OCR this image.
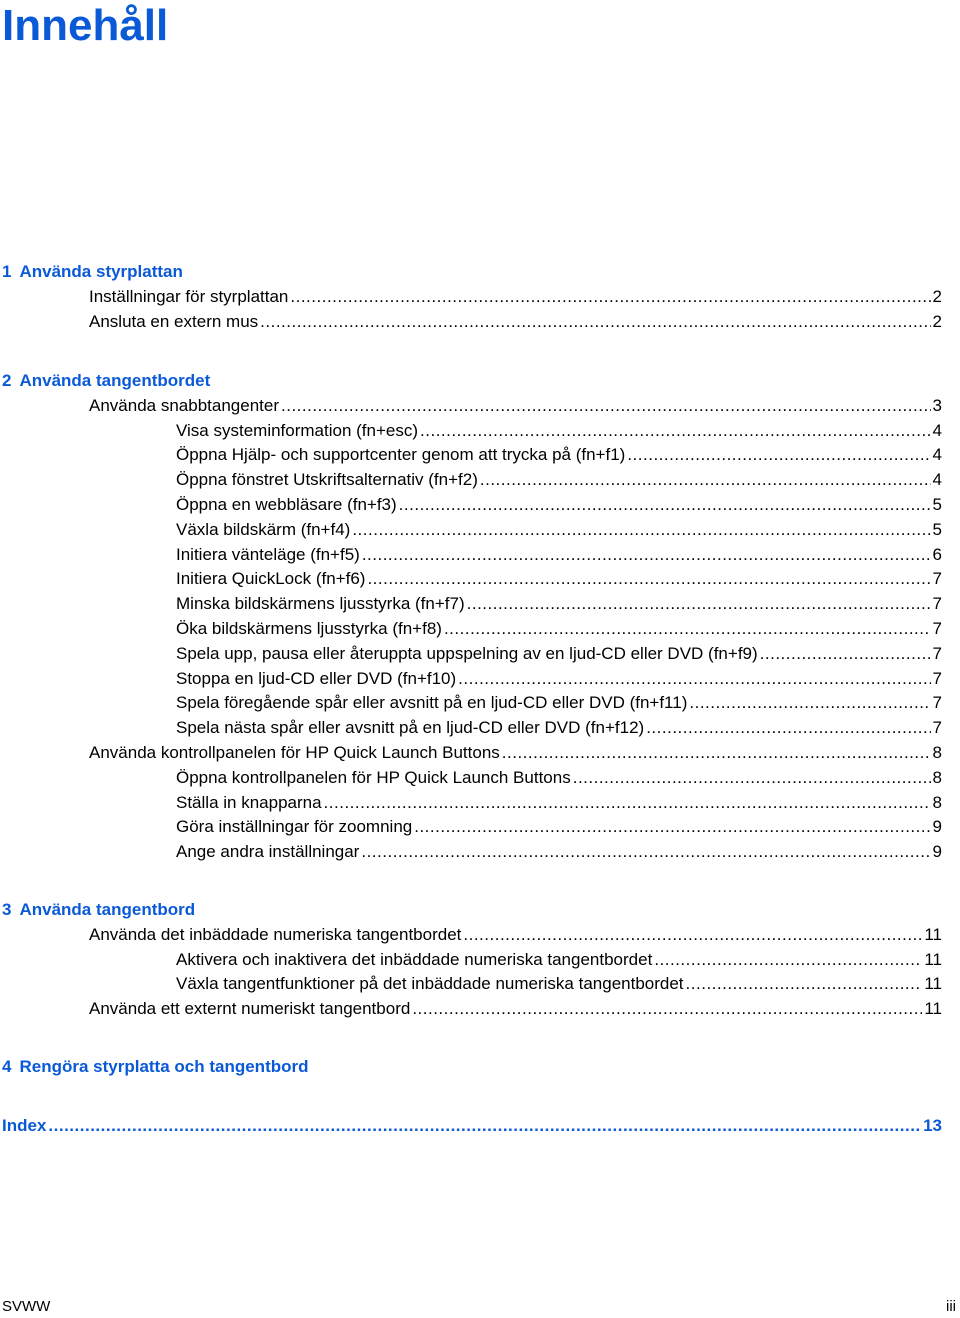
Innehåll
1 Använda styrplattan
Inställningar för styrplattan .....	2
Ansluta en extern mus .....	2
2 Använda tangentbordet
Använda snabbtangenter .....	3
Visa systeminformation (fn+esc) .....	4
Öppna Hjälp- och supportcenter genom att trycka på (fn+f1) .....	4
Öppna fönstret Utskriftsalternativ (fn+f2) .....	4
Öppna en webbläsare (fn+f3) .....	5
Växla bildskärm (fn+f4) .....	5
Initiera vänteläge (fn+f5) .....	6
Initiera QuickLock (fn+f6) .....	7
Minska bildskärmens ljusstyrka (fn+f7) .....	7
Öka bildskärmens ljusstyrka (fn+f8) .....	7
Spela upp, pausa eller återuppta uppspelning av en ljud-CD eller DVD (fn+f9) .....	7
Stoppa en ljud-CD eller DVD (fn+f10) .....	7
Spela föregående spår eller avsnitt på en ljud-CD eller DVD (fn+f11) .....	7
Spela nästa spår eller avsnitt på en ljud-CD eller DVD (fn+f12) .....	7
Använda kontrollpanelen för HP Quick Launch Buttons .....	8
Öppna kontrollpanelen för HP Quick Launch Buttons .....	8
Ställa in knapparna .....	8
Göra inställningar för zoomning .....	9
Ange andra inställningar .....	9
3 Använda tangentbord
Använda det inbäddade numeriska tangentbordet .....	11
Aktivera och inaktivera det inbäddade numeriska tangentbordet .....	11
Växla tangentfunktioner på det inbäddade numeriska tangentbordet .....	11
Använda ett externt numeriskt tangentbord .....	11
4 Rengöra styrplatta och tangentbord
Index .....	13
SVWW	iii
